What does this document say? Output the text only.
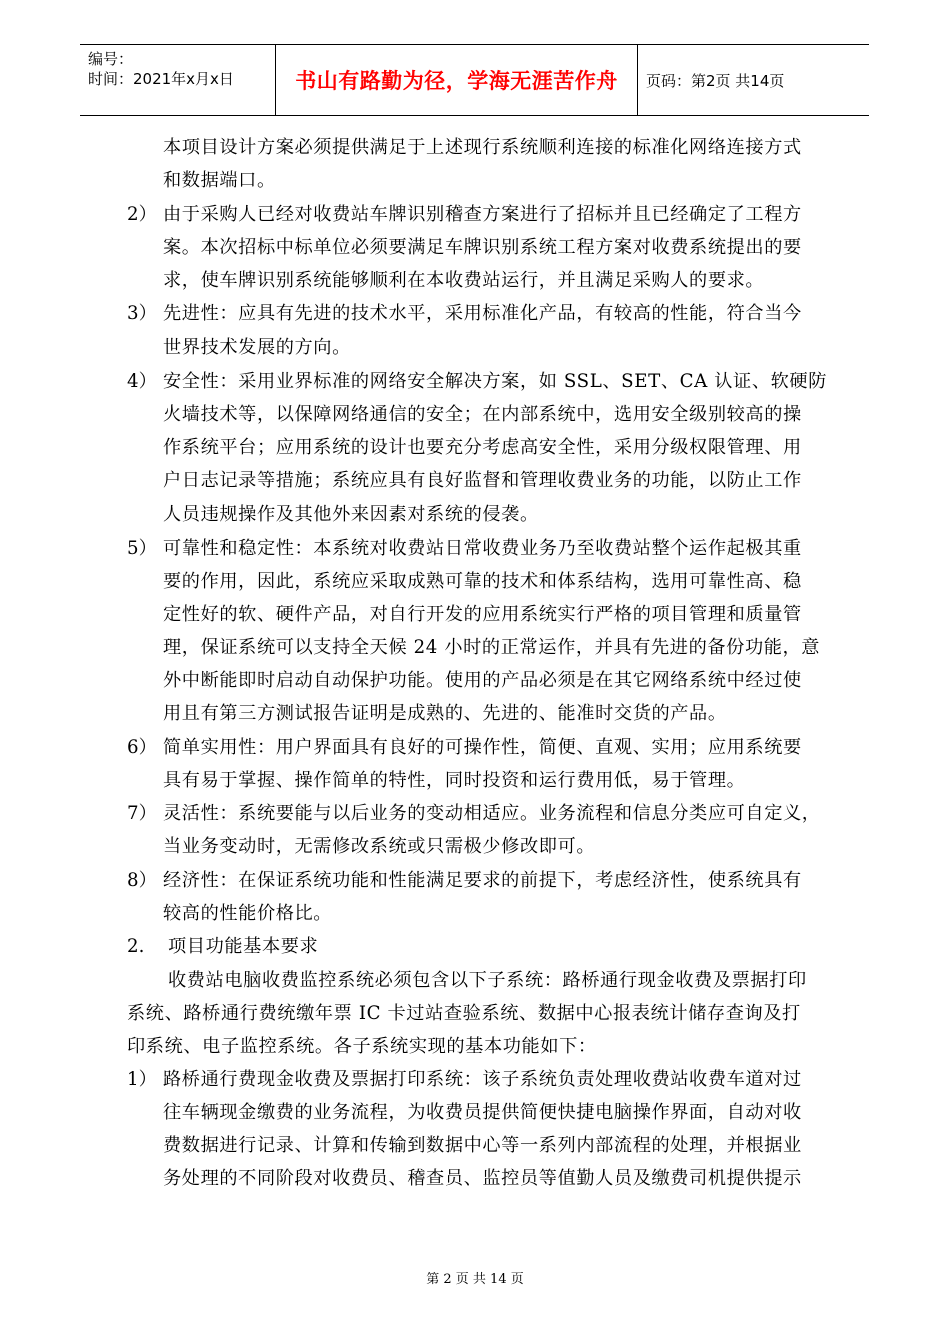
编号：
时间：2021年x月x日	书山有路勤为径，学海无涯苦作舟	页码：第2页 共14页
2）
3）
4）
5）
6）
7）
8）
2.
1）
本项目设计方案必须提供满足于上述现行系统顺利连接的标准化网络连接方式
和数据端口。
由于采购人已经对收费站车牌识别稽查方案进行了招标并且已经确定了工程方
案。本次招标中标单位必须要满足车牌识别系统工程方案对收费系统提出的要
求，使车牌识别系统能够顺利在本收费站运行，并且满足采购人的要求。
先进性：应具有先进的技术水平，采用标准化产品，有较高的性能，符合当今
世界技术发展的方向。
安全性：采用业界标准的网络安全解决方案，如 SSL、SET、CA 认证、软硬防
火墙技术等，以保障网络通信的安全；在内部系统中，选用安全级别较高的操
作系统平台；应用系统的设计也要充分考虑高安全性，采用分级权限管理、用
户日志记录等措施；系统应具有良好监督和管理收费业务的功能，以防止工作
人员违规操作及其他外来因素对系统的侵袭。
可靠性和稳定性：本系统对收费站日常收费业务乃至收费站整个运作起极其重
要的作用，因此，系统应采取成熟可靠的技术和体系结构，选用可靠性高、稳
定性好的软、硬件产品，对自行开发的应用系统实行严格的项目管理和质量管
理，保证系统可以支持全天候 24 小时的正常运作，并具有先进的备份功能，意
外中断能即时启动自动保护功能。使用的产品必须是在其它网络系统中经过使
用且有第三方测试报告证明是成熟的、先进的、能准时交货的产品。
简单实用性：用户界面具有良好的可操作性，简便、直观、实用；应用系统要
具有易于掌握、操作简单的特性，同时投资和运行费用低，易于管理。
灵活性：系统要能与以后业务的变动相适应。业务流程和信息分类应可自定义，
当业务变动时，无需修改系统或只需极少修改即可。
经济性：在保证系统功能和性能满足要求的前提下，考虑经济性，使系统具有
较高的性能价格比。
项目功能基本要求
收费站电脑收费监控系统必须包含以下子系统：路桥通行现金收费及票据打印
系统、路桥通行费统缴年票 IC 卡过站查验系统、数据中心报表统计储存查询及打
印系统、电子监控系统。各子系统实现的基本功能如下：
路桥通行费现金收费及票据打印系统：该子系统负责处理收费站收费车道对过
往车辆现金缴费的业务流程，为收费员提供简便快捷电脑操作界面，自动对收
费数据进行记录、计算和传输到数据中心等一系列内部流程的处理，并根据业
务处理的不同阶段对收费员、稽查员、监控员等值勤人员及缴费司机提供提示
第 2 页 共 14 页
